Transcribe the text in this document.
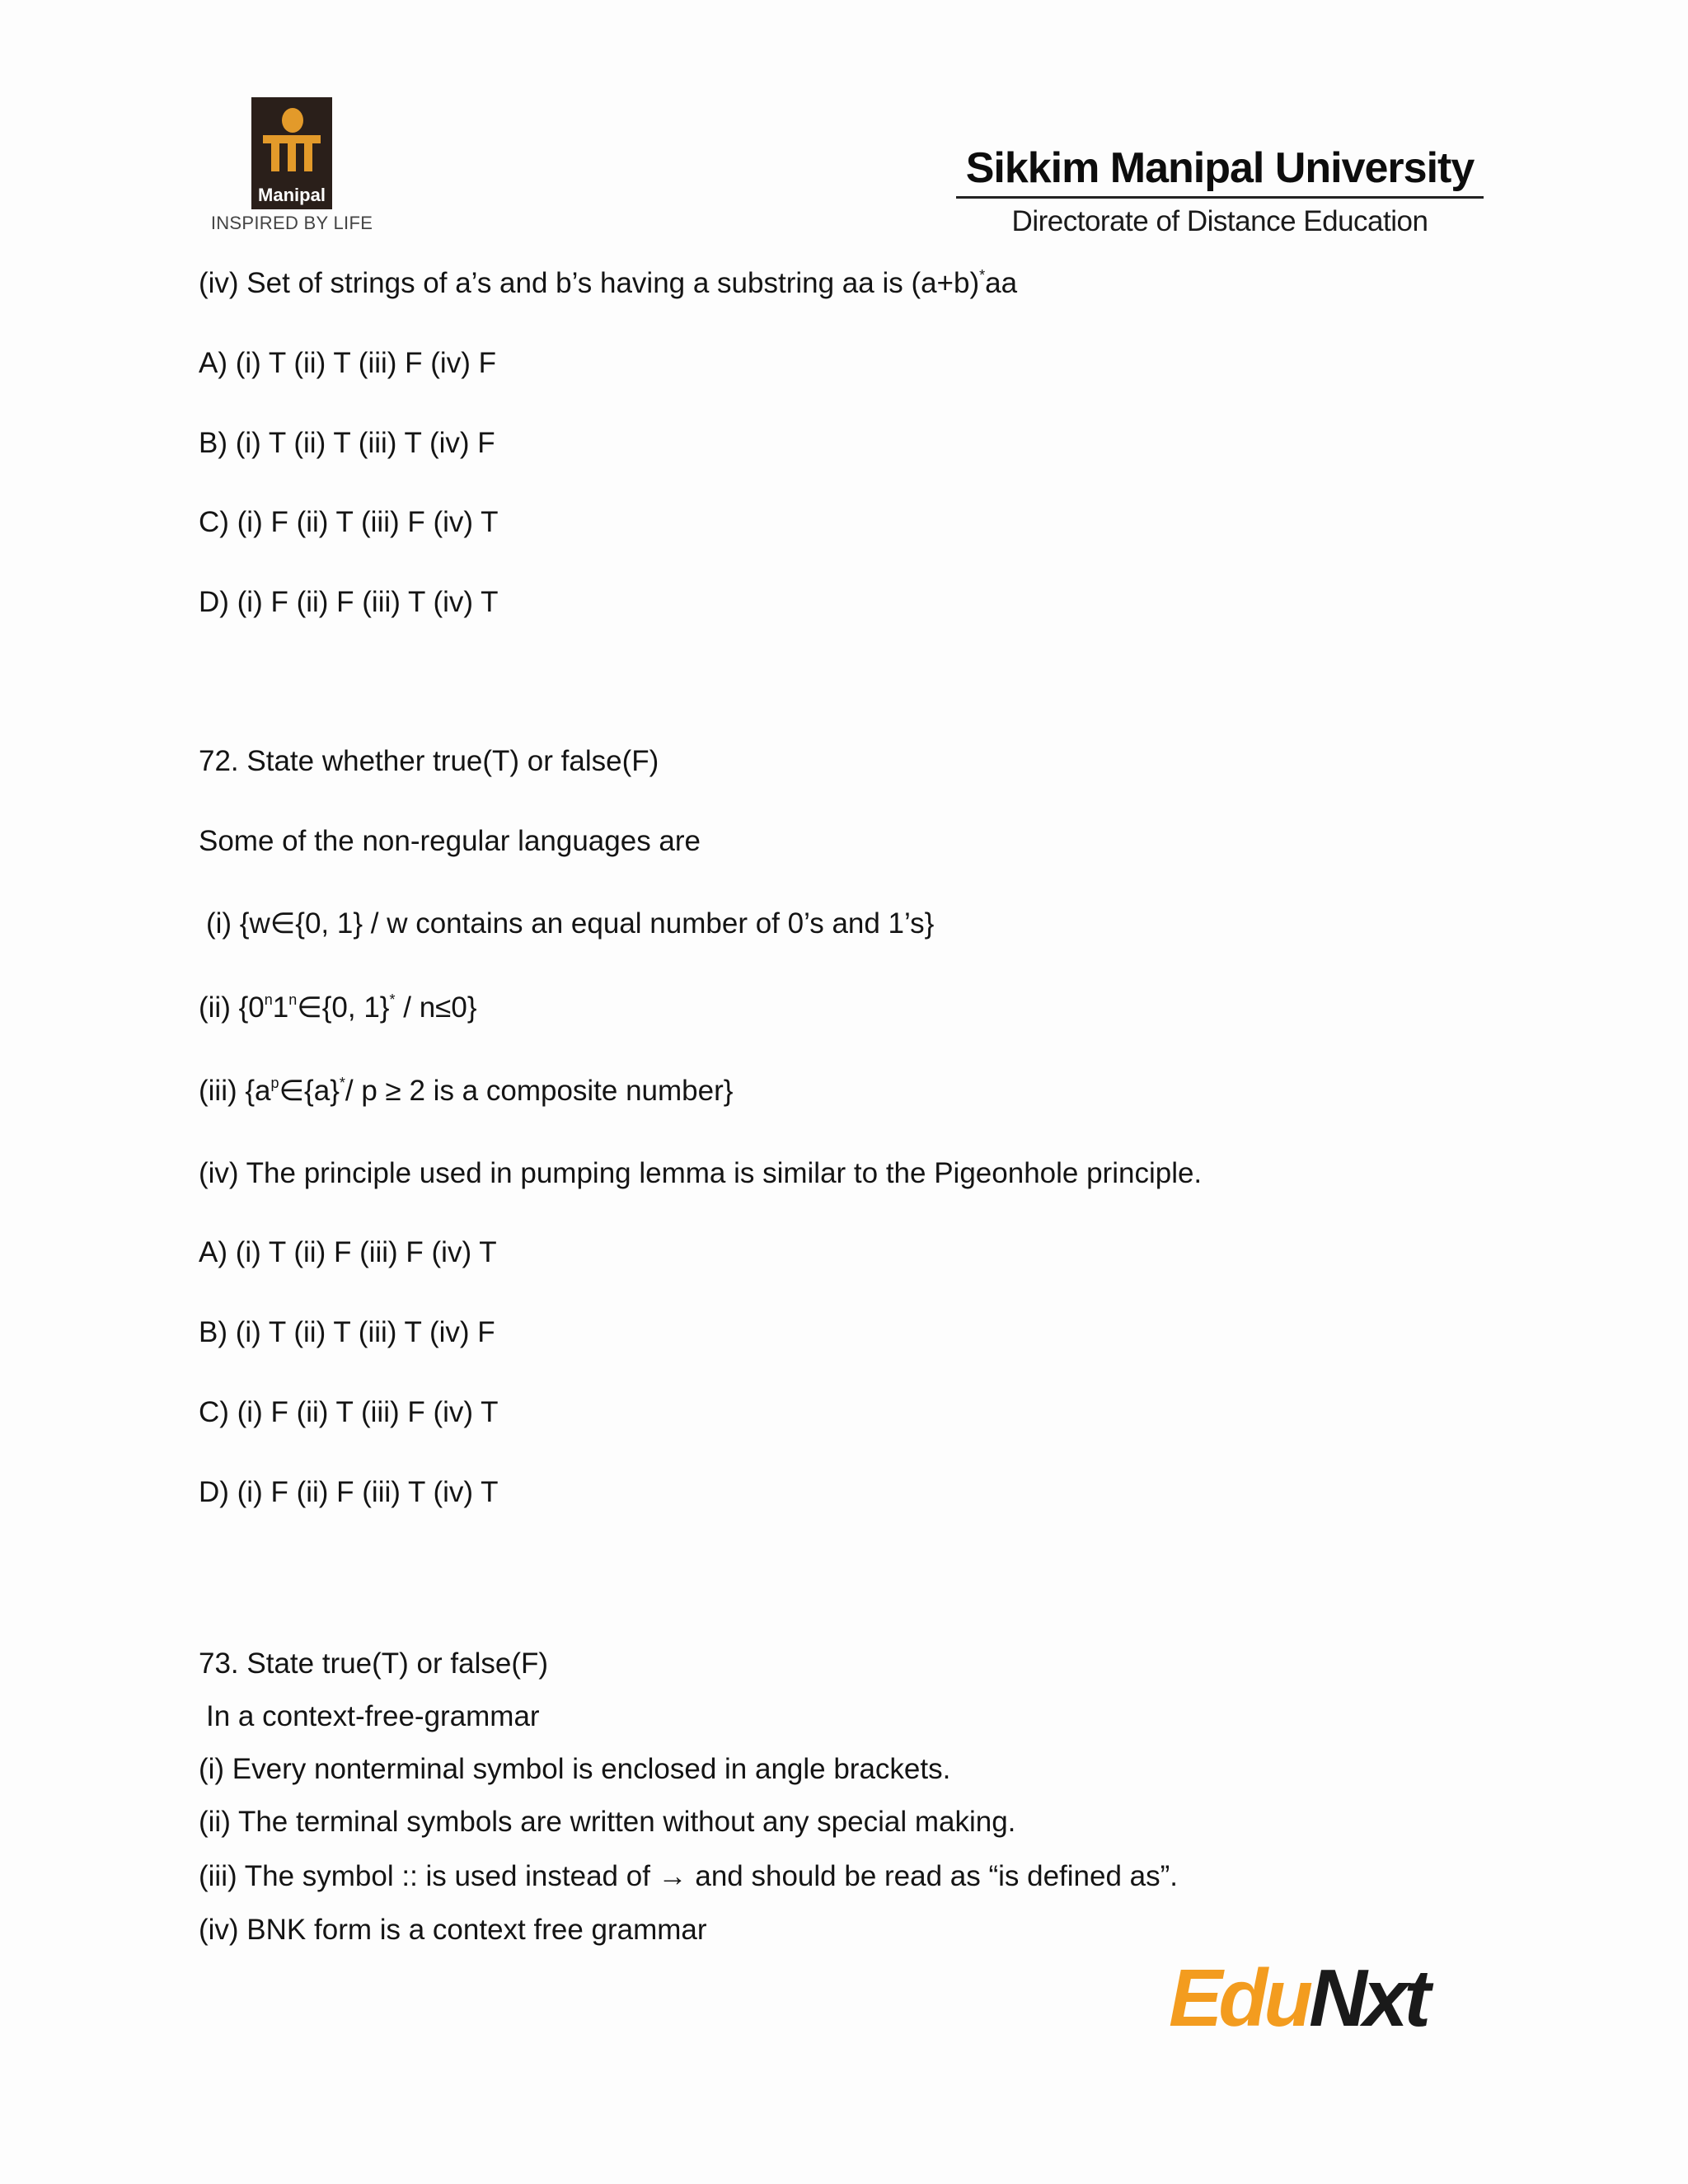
Manipal
INSPIRED BY LIFE
Sikkim Manipal University
Directorate of Distance Education
(iv) Set of strings of a’s and b’s having a substring aa is (a+b)*aa
A) (i) T (ii) T (iii) F (iv) F
B) (i) T (ii) T (iii) T (iv) F
C) (i) F (ii) T (iii) F (iv) T
D) (i) F (ii) F (iii) T (iv) T
72. State whether true(T) or false(F)
Some of the non-regular languages are
(i) {w∈{0, 1} / w contains an equal number of 0’s and 1’s}
(ii) {0$^n$1$^n$∈{0, 1}* / n≤0}
(iii) {$a^p\in\{a\}^*/$ p ≥ 2 is a composite number}
(iv) The principle used in pumping lemma is similar to the Pigeonhole principle.
A) (i) T (ii) F (iii) F (iv) T
B) (i) T (ii) T (iii) T (iv) F
C) (i) F (ii) T (iii) F (iv) T
D) (i) F (ii) F (iii) T (iv) T
73. State true(T) or false(F)
In a context-free-grammar
(i) Every nonterminal symbol is enclosed in angle brackets.
(ii) The terminal symbols are written without any special making.
(iii) The symbol :: is used instead of → and should be read as “is defined as”.
(iv) BNK form is a context free grammar
EduNxt
